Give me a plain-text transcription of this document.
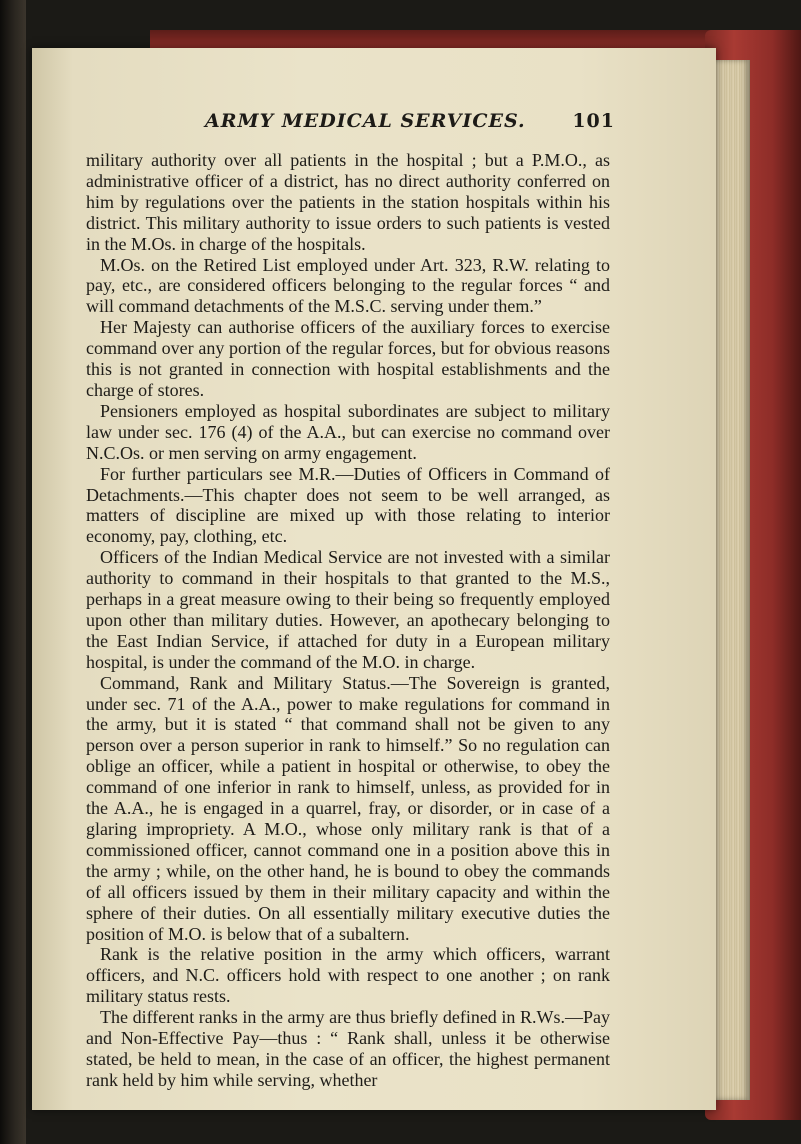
ARMY MEDICAL SERVICES. 101

military authority over all patients in the hospital ; but a P.M.O., as administrative officer of a district, has no direct authority conferred on him by regulations over the patients in the station hospitals within his district. This military authority to issue orders to such patients is vested in the M.Os. in charge of the hospitals.

M.Os. on the Retired List employed under Art. 323, R.W. relating to pay, etc., are considered officers belonging to the regular forces “ and will command detachments of the M.S.C. serving under them.”

Her Majesty can authorise officers of the auxiliary forces to exercise command over any portion of the regular forces, but for obvious reasons this is not granted in connection with hospital establishments and the charge of stores.

Pensioners employed as hospital subordinates are subject to military law under sec. 176 (4) of the A.A., but can exercise no command over N.C.Os. or men serving on army engagement.

For further particulars see M.R.—Duties of Officers in Command of Detachments.—This chapter does not seem to be well arranged, as matters of discipline are mixed up with those relating to interior economy, pay, clothing, etc.

Officers of the Indian Medical Service are not invested with a similar authority to command in their hospitals to that granted to the M.S., perhaps in a great measure owing to their being so frequently employed upon other than military duties. However, an apothecary belonging to the East Indian Service, if attached for duty in a European military hospital, is under the command of the M.O. in charge.

Command, Rank and Military Status.—The Sovereign is granted, under sec. 71 of the A.A., power to make regulations for command in the army, but it is stated “ that command shall not be given to any person over a person superior in rank to himself.” So no regulation can oblige an officer, while a patient in hospital or otherwise, to obey the command of one inferior in rank to himself, unless, as provided for in the A.A., he is engaged in a quarrel, fray, or disorder, or in case of a glaring impropriety. A M.O., whose only military rank is that of a commissioned officer, cannot command one in a position above this in the army ; while, on the other hand, he is bound to obey the commands of all officers issued by them in their military capacity and within the sphere of their duties. On all essentially military executive duties the position of M.O. is below that of a subaltern.

Rank is the relative position in the army which officers, warrant officers, and N.C. officers hold with respect to one another ; on rank military status rests.

The different ranks in the army are thus briefly defined in R.Ws.—Pay and Non-Effective Pay—thus : “ Rank shall, unless it be otherwise stated, be held to mean, in the case of an officer, the highest permanent rank held by him while serving, whether
